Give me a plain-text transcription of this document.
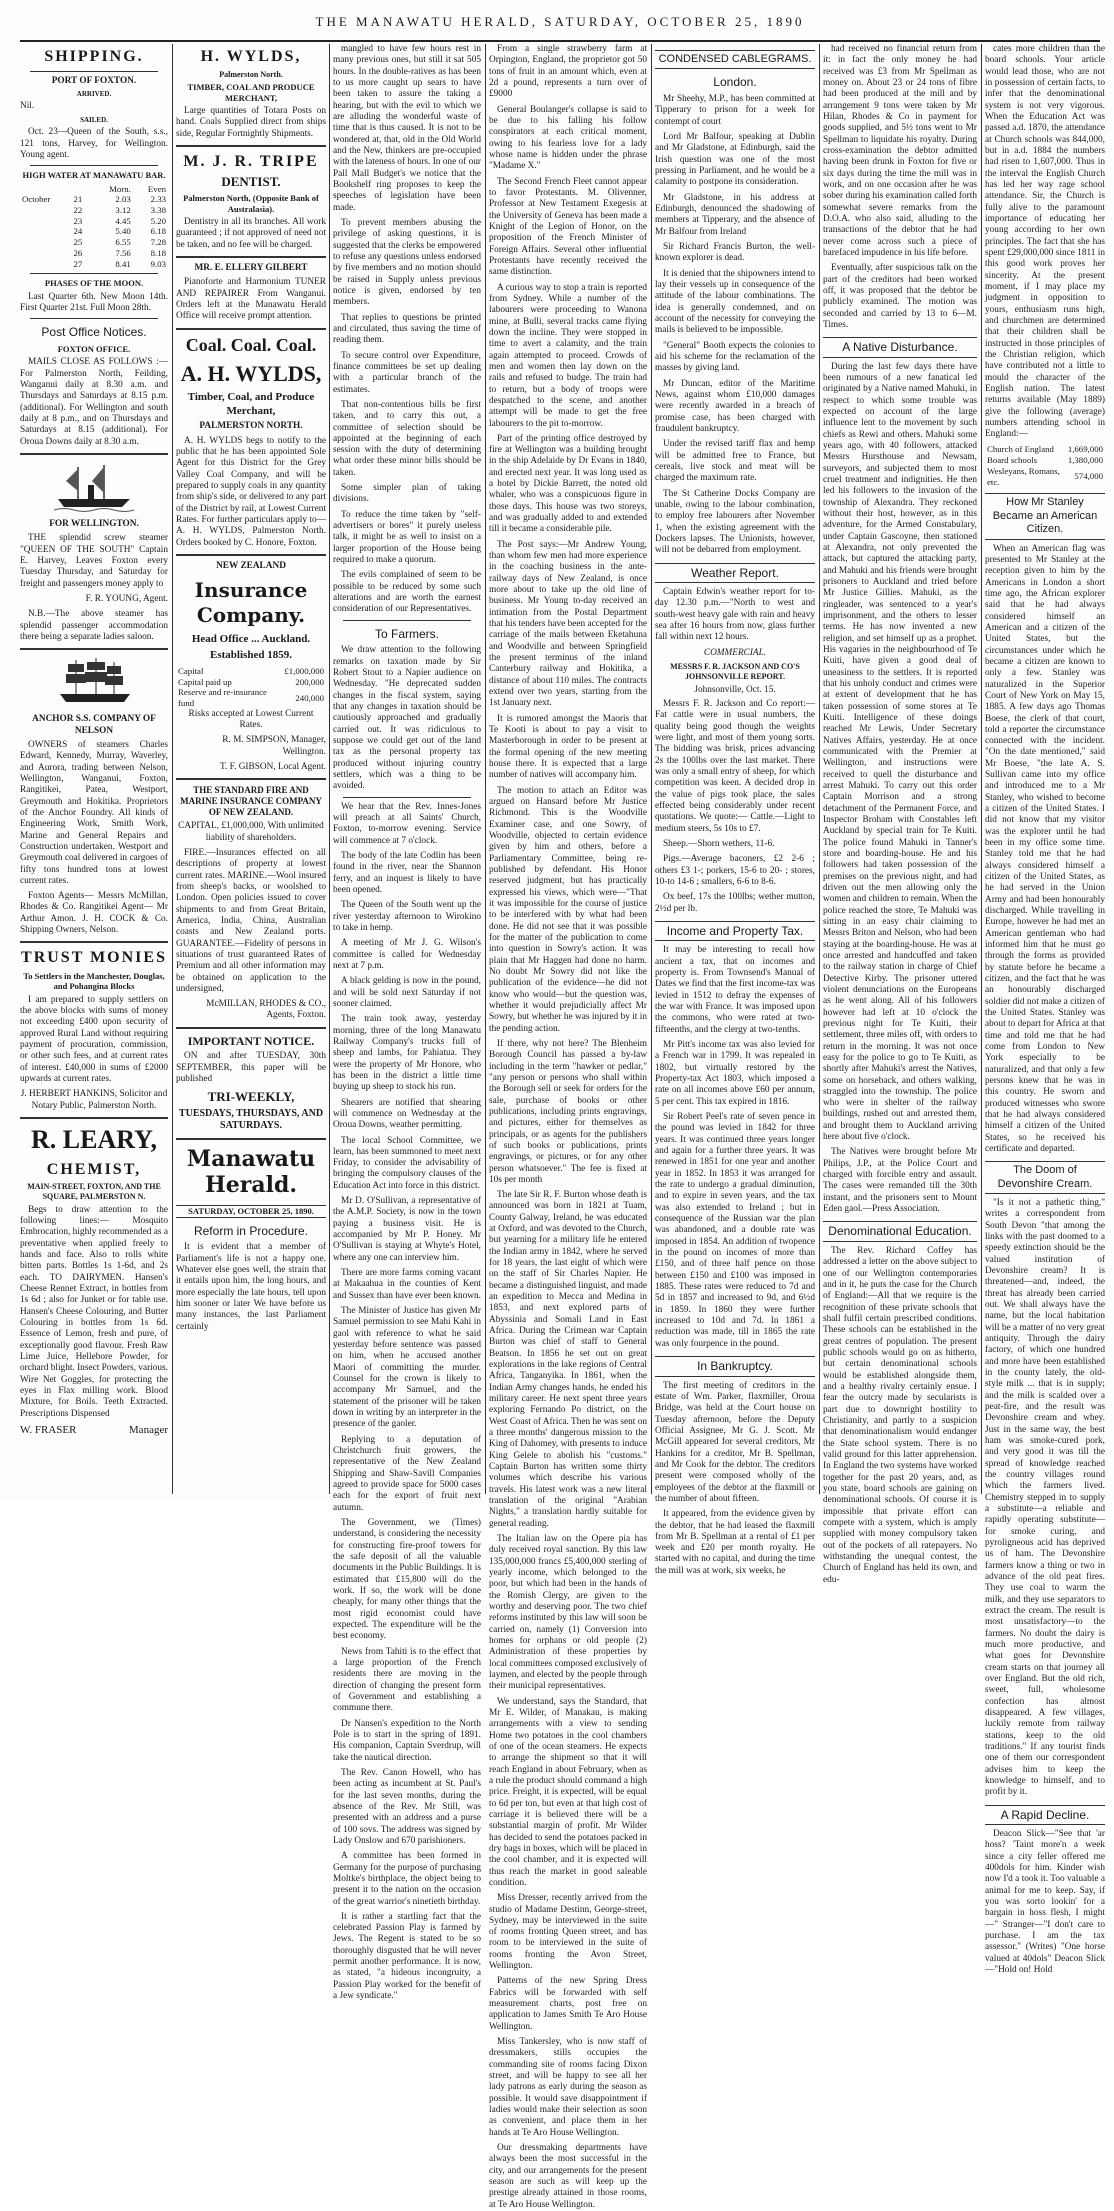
THE MANAWATU HERALD, SATURDAY, OCTOBER 25, 1890
SHIPPING.
PORT OF FOXTON.
ARRIVED.
Nil.
SAILED.

Oct. 23—Queen of the South, s.s., 121 tons, Harvey, for Wellington. Young agent.

HIGH WATER AT MANAWATU BAR.
		Morn.	Even
October	21	2.03	2.33
	22	3.12	3.38
	23	4.45	5.20
	24	5.40	6.18
	25	6.55	7.28
	26	7.56	8.18
	27	8.41	9.03
PHASES OF THE MOON.

Last Quarter 6th. New Moon 14th. First Quarter 21st. Full Moon 28th.

Post Office Notices.
FOXTON OFFICE.

MAILS CLOSE AS FOLLOWS :— For Palmerston North, Feilding, Wanganui daily at 8.30 a.m. and Thursdays and Saturdays at 8.15 p.m. (additional). For Wellington and south daily at 8 p.m., and on Thursdays and Saturdays at 8.15 (additional). For Oroua Downs daily at 8.30 a.m.

FOR WELLINGTON.

THE splendid screw steamer "QUEEN OF THE SOUTH" Captain E. Harvey, Leaves Foxton every Tuesday Thursday, and Saturday for freight and passengers money apply to

F. R. YOUNG, Agent.

N.B.—The above steamer has splendid passenger accommodation there being a separate ladies saloon.

ANCHOR S.S. COMPANY OF NELSON

OWNERS of steamers Charles Edward, Kennedy, Murray, Waverley, and Aurora, trading between Nelson, Wellington, Wanganui, Foxton, Rangitikei, Patea, Westport, Greymouth and Hokitika. Proprietors of the Anchor Foundry. All kinds of Engineering Work, Smith Work, Marine and General Repairs and Construction undertaken. Westport and Greymouth coal delivered in cargoes of fifty tons hundred tons at lowest current rates.

Foxton Agents— Messrs McMillan, Rhodes & Co. Rangitikei Agent— Mr Arthur Amon. J. H. COCK & Co. Shipping Owners, Nelson.

TRUST MONIES
To Settlers in the Manchester, Douglas, and Pohangina Blocks

I am prepared to supply settlers on the above blocks with sums of money not exceeding £400 upon security of approved Rural Land without requiring payment of procuration, commission, or other such fees, and at current rates of interest. £40,000 in sums of £2000 upwards at current rates.

J. HERBERT HANKINS, Solicitor and Notary Public, Palmerston North.

R. LEARY,
CHEMIST,
MAIN-STREET, FOXTON, AND THE SQUARE, PALMERSTON N.

Begs to draw attention to the following lines:— Mosquito Embrocation, highly recommended as a preventative when applied freely to hands and face. Also to rolls white bitten parts. Bottles 1s 1-6d, and 2s each. TO DAIRYMEN. Hansen's Cheese Rennet Extract, in bottles from 1s 6d ; also for Junket or for table use. Hansen's Cheese Colouring, and Butter Colouring in bottles from 1s 6d. Essence of Lemon, fresh and pure, of exceptionally good flavour. Fresh Raw Lime Juice, Hellebore Powder, for orchard blight. Insect Powders, various. Wire Net Goggles, for protecting the eyes in Flax milling work. Blood Mixture, for Boils. Teeth Extracted. Prescriptions Dispensed

W. FRASER	Manager
H. WYLDS,
Palmerston North.
TIMBER, COAL AND PRODUCE MERCHANT,

Large quantities of Totara Posts on hand. Coals Supplied direct from ships side, Regular Fortnightly Shipments.

M. J. R. TRIPE
DENTIST.
Palmerston North, (Opposite Bank of Australasia).

Dentistry in all its branches. All work guaranteed ; if not approved of need not be taken, and no fee will be charged.

MR. E. ELLERY GILBERT

Pianoforte and Harmonium TUNER AND REPAIRER From Wanganui. Orders left at the Manawatu Herald Office will receive prompt attention.

Coal. Coal. Coal.
A. H. WYLDS,
Timber, Coal, and Produce Merchant,
PALMERSTON NORTH.

A. H. WYLDS begs to notify to the public that he has been appointed Sole Agent for this District for the Grey Valley Coal Company, and will be prepared to supply coals in any quantity from ship's side, or delivered to any part of the District by rail, at Lowest Current Rates. For further particulars apply to— A. H. WYLDS, Palmerston North. Orders booked by C. Honore, Foxton.

NEW ZEALAND
Insurance Company.
Head Office ... Auckland.
Established 1859.
Capital	£1,000,000
Capital paid up	200,000
Reserve and re-insurance fund	240,000

Risks accepted at Lowest Current Rates.

R. M. SIMPSON, Manager, Wellington.

T. F. GIBSON, Local Agent.

THE STANDARD FIRE AND MARINE INSURANCE COMPANY OF NEW ZEALAND.

CAPITAL, £1,000,000, With unlimited liability of shareholders.

FIRE.—Insurances effected on all descriptions of property at lowest current rates. MARINE.—Wool insured from sheep's backs, or woolshed to London. Open policies issued to cover shipments to and from Great Britain, America, India, China, Australian coasts and New Zealand ports. GUARANTEE.—Fidelity of persons in situations of trust guaranteed Rates of Premium and all other information may be obtained on application to the undersigned,

McMILLAN, RHODES & CO., Agents, Foxton.

IMPORTANT NOTICE.

ON and after TUESDAY, 30th SEPTEMBER, this paper will be published

TRI-WEEKLY,
TUESDAYS, THURSDAYS, AND SATURDAYS.
Manawatu Herald.
SATURDAY, OCTOBER 25, 1890.
Reform in Procedure.

It is evident that a member of Parliament's life is not a happy one. Whatever else goes well, the strain that it entails upon him, the long hours, and more especially the late hours, tell upon him sooner or later We have before us many instances, the last Parliament certainly

mangled to have few hours rest in many previous ones, but still it sat 505 hours. In the double-ratives as has been to us more caught up sears to have been taken to assure the taking a hearing, but with the evil to which we are alluding the wonderful waste of time that is thus caused. It is not to be wondered at, that, old in the Old World and the New, thinkers are pre-occupied with the lateness of hours. In one of our Pall Mall Budget's we notice that the Bookshelf ring proposes to keep the speeches of legislation have been made.

To prevent members abusing the privilege of asking questions, it is suggested that the clerks be empowered to refuse any questions unless endorsed by five members and no motion should be raised in Supply unless previous notice is given, endorsed by ten members.

That replies to questions be printed and circulated, thus saving the time of reading them.

To secure control over Expenditure, finance committees be set up dealing with a particular branch of the estimates.

That non-contentious bills be first taken, and to carry this out, a committee of selection should be appointed at the beginning of each session with the duty of determining what order these minor bills should be taken.

Some simpler plan of taking divisions.

To reduce the time taken by "self-advertisers or bores" it purely useless talk, it might be as well to insist on a larger proportion of the House being required to make a quorum.

The evils complained of seem to be possible to be reduced by some such alterations and are worth the earnest consideration of our Representatives.

To Farmers.

We draw attention to the following remarks on taxation made by Sir Robert Stout to a Napier audience on Wednesday. "He deprecated sudden changes in the fiscal system, saying that any changes in taxation should be cautiously approached and gradually carried out. It was ridiculous to suppose we could get out of the land tax as the personal property tax produced without injuring country settlers, which was a thing to be avoided.

We hear that the Rev. Innes-Jones will preach at all Saints' Church, Foxton, to-morrow evening. Service will commence at 7 o'clock.

The body of the late Codlin has been found in the river, near the Shannon ferry, and an inquest is likely to have been opened.

The Queen of the South went up the river yesterday afternoon to Wirokino to take in hemp.

A meeting of Mr J. G. Wilson's committee is called for Wednesday next at 7 p.m.

A black gelding is now in the pound, and will be sold next Saturday if not sooner claimed.

The train took away, yesterday morning, three of the long Manawatu Railway Company's trucks full of sheep and lambs, for Pahiatua. They were the property of Mr Honore, who has been in the district a little time buying up sheep to stock his run.

Shearers are notified that shearing will commence on Wednesday at the Oroua Downs, weather permitting.

The local School Committee, we learn, has been summoned to meet next Friday, to consider the advisability of bringing the compulsory clauses of the Education Act into force in this district.

Mr D. O'Sullivan, a representative of the A.M.P. Society, is now in the town paying a business visit. He is accompanied by Mr P. Honey. Mr O'Sullivan is staying at Whyte's Hotel, where any one can interview him.

There are more farms coming vacant at Makaahua in the counties of Kent and Sussex than have ever been known.

The Minister of Justice has given Mr Samuel permission to see Mahi Kahi in gaol with reference to what he said yesterday before sentence was passed on him, when he accused another Maori of committing the murder. Counsel for the crown is likely to accompany Mr Samuel, and the statement of the prisoner will be taken down in writing by an interpreter in the presence of the gaoler.

Replying to a deputation of Christchurch fruit growers, the representative of the New Zealand Shipping and Shaw-Savill Companies agreed to provide space for 5000 cases each for the export of fruit next autumn.

The Government, we (Times) understand, is considering the necessity for constructing fire-proof towers for the safe deposit of all the valuable documents in the Public Buildings. It is estimated that £15,800 will do the work. If so, the work will be done cheaply, for many other things that the most rigid economist could have expected. The expenditure will be the best economy.

News from Tahiti is to the effect that a large proportion of the French residents there are moving in the direction of changing the present form of Government and establishing a commune there.

Dr Nansen's expedition to the North Pole is to start in the spring of 1891. His companion, Captain Sverdrup, will take the nautical direction.

The Rev. Canon Howell, who has been acting as incumbent at St. Paul's for the last seven months, during the absence of the Rev. Mr Still, was presented with an address and a purse of 100 sovs. The address was signed by Lady Onslow and 670 parishioners.

A committee has been formed in Germany for the purpose of purchasing Moltke's birthplace, the object being to present it to the nation on the occasion of the great warrior's ninetieth birthday.

It is rather a startling fact that the celebrated Passion Play is farmed by Jews. The Regent is stated to be so thoroughly disgusted that he will never permit another performance. It is now, as stated, "a hideous incongruity, a Passion Play worked for the benefit of a Jew syndicate."

From a single strawberry farm at Orpington, England, the proprietor got 50 tons of fruit in an amount which, even at 2d a pound, represents a turn over of £9000

General Boulanger's collapse is said to be due to his falling his follow conspirators at each critical moment, owing to his fearless love for a lady whose name is hidden under the phrase "Madame X."

The Second French Fleet cannot appear to favor Protestants. M. Olivenner, Professor at New Testament Exegesis at the University of Geneva has been made a Knight of the Legion of Honor, on the proposition of the French Minister of Foreign Affairs. Several other influential Protestants have recently received the same distinction.

A curious way to stop a train is reported from Sydney. While a number of the labourers were proceeding to Wanona mine, at Bulli, several tracks came flying down the incline. They were stopped in time to avert a calamity, and the train again attempted to proceed. Crowds of men and women then lay down on the rails and refused to budge. The train had to return, but a body of troops were despatched to the scene, and another attempt will be made to get the free labourers to the pit to-morrow.

Part of the printing office destroyed by fire at Wellington was a building brought in the ship Adelaide by Dr Evans in 1840, and erected next year. It was long used as a hotel by Dickie Barrett, the noted old whaler, who was a conspicuous figure in those days. This house was two storeys, and was gradually added to and extended till it became a considerable pile.

The Post says:—Mr Andrew Young, than whom few men had more experience in the coaching business in the ante-railway days of New Zealand, is once more about to take up the old line of business. Mr Young to-day received an intimation from the Postal Department that his tenders have been accepted for the carriage of the mails between Eketahuna and Woodville and between Springfield the present terminus of the inland Canterbury railway and Hokitika, a distance of about 110 miles. The contracts extend over two years, starting from the 1st January next.

It is rumored amongst the Maoris that Te Kooti is about to pay a visit to Masterborough in order to be present at the formal opening of the new meeting house there. It is expected that a large number of natives will accompany him.

The motion to attach an Editor was argued on Hansard before Mr Justice Richmond. This is the Woodville Examiner case, and one Sowry, of Woodville, objected to certain evidence given by him and others, before a Parliamentary Committee, being re-published by defendant. His Honor reserved judgment, but has practically expressed his views, which were—"That it was impossible for the course of justice to be interfered with by what had been done. He did not see that it was possible for the matter of the publication to come into question in Sowry's action. It was plain that Mr Haggen had done no harm. No doubt Mr Sowry did not like the publication of the evidence—he did not know who would—but the question was, whether it would prejudicially affect Mr Sowry, but whether he was injured by it in the pending action.

If there, why not here? The Blenheim Borough Council has passed a by-law including in the term "hawker or pedlar," "any person or persons who shall within the Borough sell or seek for orders for the sale, purchase of books or other publications, including prints engravings, and pictures, either for themselves as principals, or as agents for the publishers of such books or publications, prints engravings, or pictures, or for any other person whatsoever." The fee is fixed at 10s per month

The late Sir R. F. Burton whose death is announced was born in 1821 at Tuam, County Galway, Ireland, he was educated at Oxford, and was devoted to the Church, but yearning for a military life he entered the Indian army in 1842, where he served for 18 years, the last eight of which were on the staff of Sir Charles Napier. He became a distinguished linguist, and made an expedition to Mecca and Medina in 1853, and next explored parts of Abyssinia and Somali Land in East Africa. During the Crimean war Captain Burton was chief of staff to General Beatson. In 1856 he set out on great explorations in the lake regions of Central Africa, Tanganyika. In 1861, when the Indian Army changes hands, he ended his military career. He next spent three years exploring Fernando Po district, on the West Coast of Africa. Then he was sent on a three months' dangerous mission to the King of Dahomey, with presents to induce King Gelele to abolish his "customs." Captain Burton has written some thirty volumes which describe his various travels. His latest work was a new literal translation of the original "Arabian Nights," a translation hardly suitable for general reading.

The Italian law on the Opere pia has duly received royal sanction. By this law 135,000,000 francs £5,400,000 sterling of yearly income, which belonged to the poor, but which had been in the hands of the Romish Clergy, are given to the worthy and deserving poor. The two chief reforms instituted by this law will soon be carried on, namely (1) Conversion into homes for orphans or old people (2) Administration of these properties by local committees composed exclusively of laymen, and elected by the people through their municipal representatives.

We understand, says the Standard, that Mr E. Wilder, of Manakau, is making arrangements with a view to sending Home two potatoes in the cool chambers of one of the ocean steamers. He expects to arrange the shipment so that it will reach England in about February, when as a rule the product should command a high price. Freight, it is expected, will be equal to 6d per ton, but even at that high cost of carriage it is believed there will be a substantial margin of profit. Mr Wilder has decided to send the potatoes packed in dry bags in boxes, which will be placed in the cool chamber, and it is expected will thus reach the market in good saleable condition.

Miss Dresser, recently arrived from the studio of Madame Destinn, George-street, Sydney, may be interviewed in the suite of rooms fronting Queen street, and has room to be interviewed in the suite of rooms fronting the Avon Street, Wellington.

Patterns of the new Spring Dress Fabrics will be forwarded with self measurement charts, post free on application to James Smith Te Aro House Wellington.

Miss Tankersley, who is now staff of dressmakers, stills occupies the commanding site of rooms facing Dixon street, and will be happy to see all her lady patrons as early during the season as possible. It would save disappointment if ladies would make their selection as soon as convenient, and place them in her hands at Te Aro House Wellington.

Our dressmaking departments have always been the most successful in the city, and our arrangements for the present season are such as will keep up the prestige already attained in those rooms, at Te Aro House Wellington.

CONDENSED CABLEGRAMS.
London.

Mr Sheehy, M.P., has been committed at Tipperary to prison for a week for contempt of court

Lord Mr Balfour, speaking at Dublin and Mr Gladstone, at Edinburgh, said the Irish question was one of the most pressing in Parliament, and he would be a calamity to postpone its consideration.

Mr Gladstone, in his address at Edinburgh, denounced the shadowing of members at Tipperary, and the absence of Mr Balfour from Ireland

Sir Richard Francis Burton, the well-known explorer is dead.

It is denied that the shipowners intend to lay their vessels up in consequence of the attitude of the labour combinations. The idea is generally condemned, and on account of the necessity for conveying the mails is believed to be impossible.

"General" Booth expects the colonies to aid his scheme for the reclamation of the masses by giving land.

Mr Duncan, editor of the Maritime News, against whom £10,000 damages were recently awarded in a breach of promise case, has been charged with fraudulent bankruptcy.

Under the revised tariff flax and hemp will be admitted free to France, but cereals, live stock and meat will be charged the maximum rate.

The St Catherine Docks Company are unable, owing to the labour combination, to employ free labourers after November 1, when the existing agreement with the Dockers lapses. The Unionists, however, will not be debarred from employment.

Weather Report.

Captain Edwin's weather report for to-day 12.30 p.m.—"North to west and south-west heavy gale with rain and heavy sea after 16 hours from now, glass further fall within next 12 hours.

COMMERCIAL.
MESSRS F. R. JACKSON AND CO'S JOHNSONVILLE REPORT.
Johnsonville, Oct. 15.

Messrs F. R. Jackson and Co report:— Fat cattle were in usual numbers, the quality being good though the weights were light, and most of them young sorts. The bidding was brisk, prices advancing 2s the 100lbs over the last market. There was only a small entry of sheep, for which competition was keen. A decided drop in the value of pigs took place, the sales effected being considerably under recent quotations. We quote:— Cattle.—Light to medium steers, 5s 10s to £7.

Sheep.—Shorn wethers, 11-6.

Pigs.—Average baconers, £2 2-6 ; others £3 1-; porkers, 15-6 to 20- ; stores, 10-to 14-6 ; smallers, 6-6 to 8-6.

Ox beef, 17s the 100lbs; wether mutton, 2½d per lb.

Income and Property Tax.

It may be interesting to recall how ancient a tax, that on incomes and property is. From Townsend's Manual of Dates we find that the first income-tax was levied in 1512 to defray the expenses of the war with France. It was imposed upon the commons, who were rated at two-fifteenths, and the clergy at two-tenths.

Mr Pitt's income tax was also levied for a French war in 1799. It was repealed in 1802, but virtually restored by the Property-tax Act 1803, which imposed a rate on all incomes above £60 per annum, 5 per cent. This tax expired in 1816.

Sir Robert Peel's rate of seven pence in the pound was levied in 1842 for three years. It was continued three years longer and again for a further three years. It was renewed in 1851 for one year and another year in 1852. In 1853 it was arranged for the rate to undergo a gradual diminution, and to expire in seven years, and the tax was also extended to Ireland ; but in consequence of the Russian war the plan was abandoned, and a double rate was imposed in 1854. An addition of twopence in the pound on incomes of more than £150, and of three half pence on those between £150 and £100 was imposed in 1885. These rates were reduced to 7d and 5d in 1857 and increased to 9d, and 6½d in 1859. In 1860 they were further increased to 10d and 7d. In 1861 a reduction was made, till in 1865 the rate was only fourpence in the pound.

In Bankruptcy.

The first meeting of creditors in the estate of Wm. Parker, flaxmiller, Oroua Bridge, was held at the Court house on Tuesday afternoon, before the Deputy Official Assignee, Mr G. J. Scott. Mr McGill appeared for several creditors, Mr Hankins for a creditor, Mr B. Spellman, and Mr Cook for the debtor. The creditors present were composed wholly of the employees of the debtor at the flaxmill or the number of about fifteen.

It appeared, from the evidence given by the debtor, that he had leased the flaxmill from Mr B. Spellman at a rental of £1 per week and £20 per month royalty. He started with no capital, and during the time the mill was at work, six weeks, he

had received no financial return from it: in fact the only money he had received was £3 from Mr Spellman as money on. About 23 or 24 tons of fibre had been produced at the mill and by arrangement 9 tons were taken by Mr Hilan, Rhodes & Co in payment for goods supplied, and 5½ tons went to Mr Spellman to liquidate his royalty. During cross-examination the debtor admitted having been drunk in Foxton for five or six days during the time the mill was in work, and on one occasion after he was sober during his examination called forth somewhat severe remarks from the D.O.A. who also said, alluding to the transactions of the debtor that he had never come across such a piece of barefaced impudence in his life before.

Eventually, after suspicious talk on the part of the creditors had been worked off, it was proposed that the debtor be publicly examined. The motion was seconded and carried by 13 to 6—M. Times.

A Native Disturbance.

During the last few days there have been rumours of a new fanatical led originated by a Native named Mahuki, in respect to which some trouble was expected on account of the large influence lent to the movement by such chiefs as Rewi and others. Mahuki some years ago, with 40 followers, attacked Messrs Hursthouse and Newsam, surveyors, and subjected them to most cruel treatment and indignities. He then led his followers to the invasion of the township of Alexandra. They reckoned without their host, however, as in this adventure, for the Armed Constabulary, under Captain Gascoyne, then stationed at Alexandra, not only prevented the attack, but captured the attacking party, and Mahuki and his friends were brought prisoners to Auckland and tried before Mr Justice Gillies. Mahuki, as the ringleader, was sentenced to a year's imprisonment, and the others to lesser terms. He has now invented a new religion, and set himself up as a prophet. His vagaries in the neighbourhood of Te Kuiti, have given a good deal of uneasiness to the settlers. It is reported that his unholy conduct and crimes were at extent of development that he has taken possession of some stores at Te Kuiti. Intelligence of these doings reached Mr Lewis, Under Secretary Natives Affairs, yesterday. He at once communicated with the Premier at Wellington, and instructions were received to quell the disturbance and arrest Mahuki. To carry out this order Captain Morrison and a strong detachment of the Permanent Force, and Inspector Broham with Constables left Auckland by special train for Te Kuiti. The police found Mahuki in Tanner's store and boarding-house. He and his followers had taken possession of the premises on the previous night, and had driven out the men allowing only the women and children to remain. When the police reached the store, Te Mahuki was sitting in an easy chair claiming to Messrs Briton and Nelson, who had been staying at the boarding-house. He was at once arrested and handcuffed and taken to the railway station in charge of Chief Detective Kirby. The prisoner uttered violent denunciations on the Europeans as he went along. All of his followers however had left at 10 o'clock the previous night for Te Kuiti, their settlement, three miles off, with orders to return in the morning. It was not once easy for the police to go to Te Kuiti, as shortly after Mahuki's arrest the Natives, some on horseback, and others walking, straggled into the township. The police who were in shelter of the railway buildings, rushed out and arrested them, and brought them to Auckland arriving here about five o'clock.

The Natives were brought before Mr Philips, J.P., at the Police Court and charged with forcible entry and assault. The cases were remanded till the 30th instant, and the prisoners sent to Mount Eden gaol.—Press Association.

Denominational Education.

The Rev. Richard Coffey has addressed a letter on the above subject to one of our Wellington contemporaries and in it, he puts the case for the Church of England:—All that we require is the recognition of these private schools that shall fulfil certain prescribed conditions. These schools can be established in the great centres of population. The present public schools would go on as hitherto, but certain denominational schools would be established alongside them, and a healthy rivalry certainly ensue. I fear the outcry made by secularists is part due to downright hostility to Christianity, and partly to a suspicion that denominationalism would endanger the State school system. There is no valid ground for this latter apprehension. In England the two systems have worked together for the past 20 years, and, as you state, board schools are gaining on denominational schools. Of course it is impossible that private effort can compete with a system, which is amply supplied with money compulsory taken out of the pockets of all ratepayers. No withstanding the unequal contest, the Church of England has held its own, and edu-

cates more children than the board schools. Your article would lead those, who are not in possession of certain facts, to infer that the denominational system is not very vigorous. When the Education Act was passed a.d. 1870, the attendance at Church schools was 844,000, but in a.d. 1884 the numbers had risen to 1,607,000. Thus in the interval the English Church has led her way rage school attendance. Sir, the Church is fully alive to the paramount importance of educating her young according to her own principles. The fact that she has spent £29,000,000 since 1811 in this good work proves her sincerity. At the present moment, if I may place my judgment in opposition to yours, enthusiasm runs high, and churchmen are determined that their children shall be instructed in those principles of the Christian religion, which have contributed not a little to mould the character of the English nation. The latest returns available (May 1889) give the following (average) numbers attending school in England:—

Church of England	1,669,000
Board schools	1,380,000
Wesleyans, Romans, etc.	574,000
How Mr Stanley Became an American Citizen.

When an American flag was presented to Mr Stanley at the reception given to him by the Americans in London a short time ago, the African explorer said that he had always considered himself an American and a citizen of the United States, but the circumstances under which he became a citizen are known to only a few. Stanley was naturalized in the Superior Court of New York on May 15, 1885. A few days ago Thomas Boese, the clerk of that court, told a reporter the circumstance connected with the incident. "On the date mentioned," said Mr Boese, "the late A. S. Sullivan came into my office and introduced me to a Mr Stanley, who wished to become a citizen of the United States. I did not know that my visitor was the explorer until he had been in my office some time. Stanley told me that he had always considered himself a citizen of the United States, as he had served in the Union Army and had been honourably discharged. While travelling in Europe, however he had met an American gentleman who had informed him that he must go through the forms as provided by statute before he became a citizen, and the fact that he was an honourably discharged soldier did not make a citizen of the United States. Stanley was about to depart for Africa at that time and told me that he had come from London to New York especially to be naturalized, and that only a few persons knew that he was in this country. He sworn and produced witnesses who swore that he had always considered himself a citizen of the United States, so he received his certificate and departed.

The Doom of Devonshire Cream.

"Is it not a pathetic thing," writes a correspondent from South Devon "that among the links with the past doomed to a speedy extinction should be the valued institution of Devonshire cream? It is threatened—and, indeed, the threat has already been carried out. We shall always have the name, but the local habitation will be a matter of no very great antiquity. Through the dairy factory, of which one hundred and more have been established in the county lately, the old-style milk ... that is in supply; and the milk is scalded over a peat-fire, and the result was Devonshire cream and whey. Just in the same way, the best ham was smoke-cured pork, and very good it was till the spread of knowledge reached the country villages round which the farmers lived. Chemistry stepped in to supply a substitute—a reliable and rapidly operating substitute—for smoke curing, and pyroligneous acid has deprived us of ham. The Devonshire farmers know a thing or two in advance of the old peat fires. They use coal to warm the milk, and they use separators to extract the cream. The result is most unsatisfactory—to the farmers. No doubt the dairy is much more productive, and what goes for Devonshire cream starts on that journey all over England. But the old rich, sweet, full, wholesome confection has almost disappeared. A few villages, luckily remote from railway stations, keep to the old traditions." If any tourist finds one of them our correspondent advises him to keep the knowledge to himself, and to profit by it.

A Rapid Decline.

Deacon Slick—"See that 'ar hoss? 'Taint more'n a week since a city feller offered me 400dols for him. Kinder wish now I'd a took it. Too valuable a animal for me to keep. Say, if you was sorto lookin' for a bargain in hoss flesh, I might—" Stranger—"I don't care to purchase. I am the tax assessor." (Writes) "One horse valued at 40dols" Deacon Slick—"Hold on! Hold
